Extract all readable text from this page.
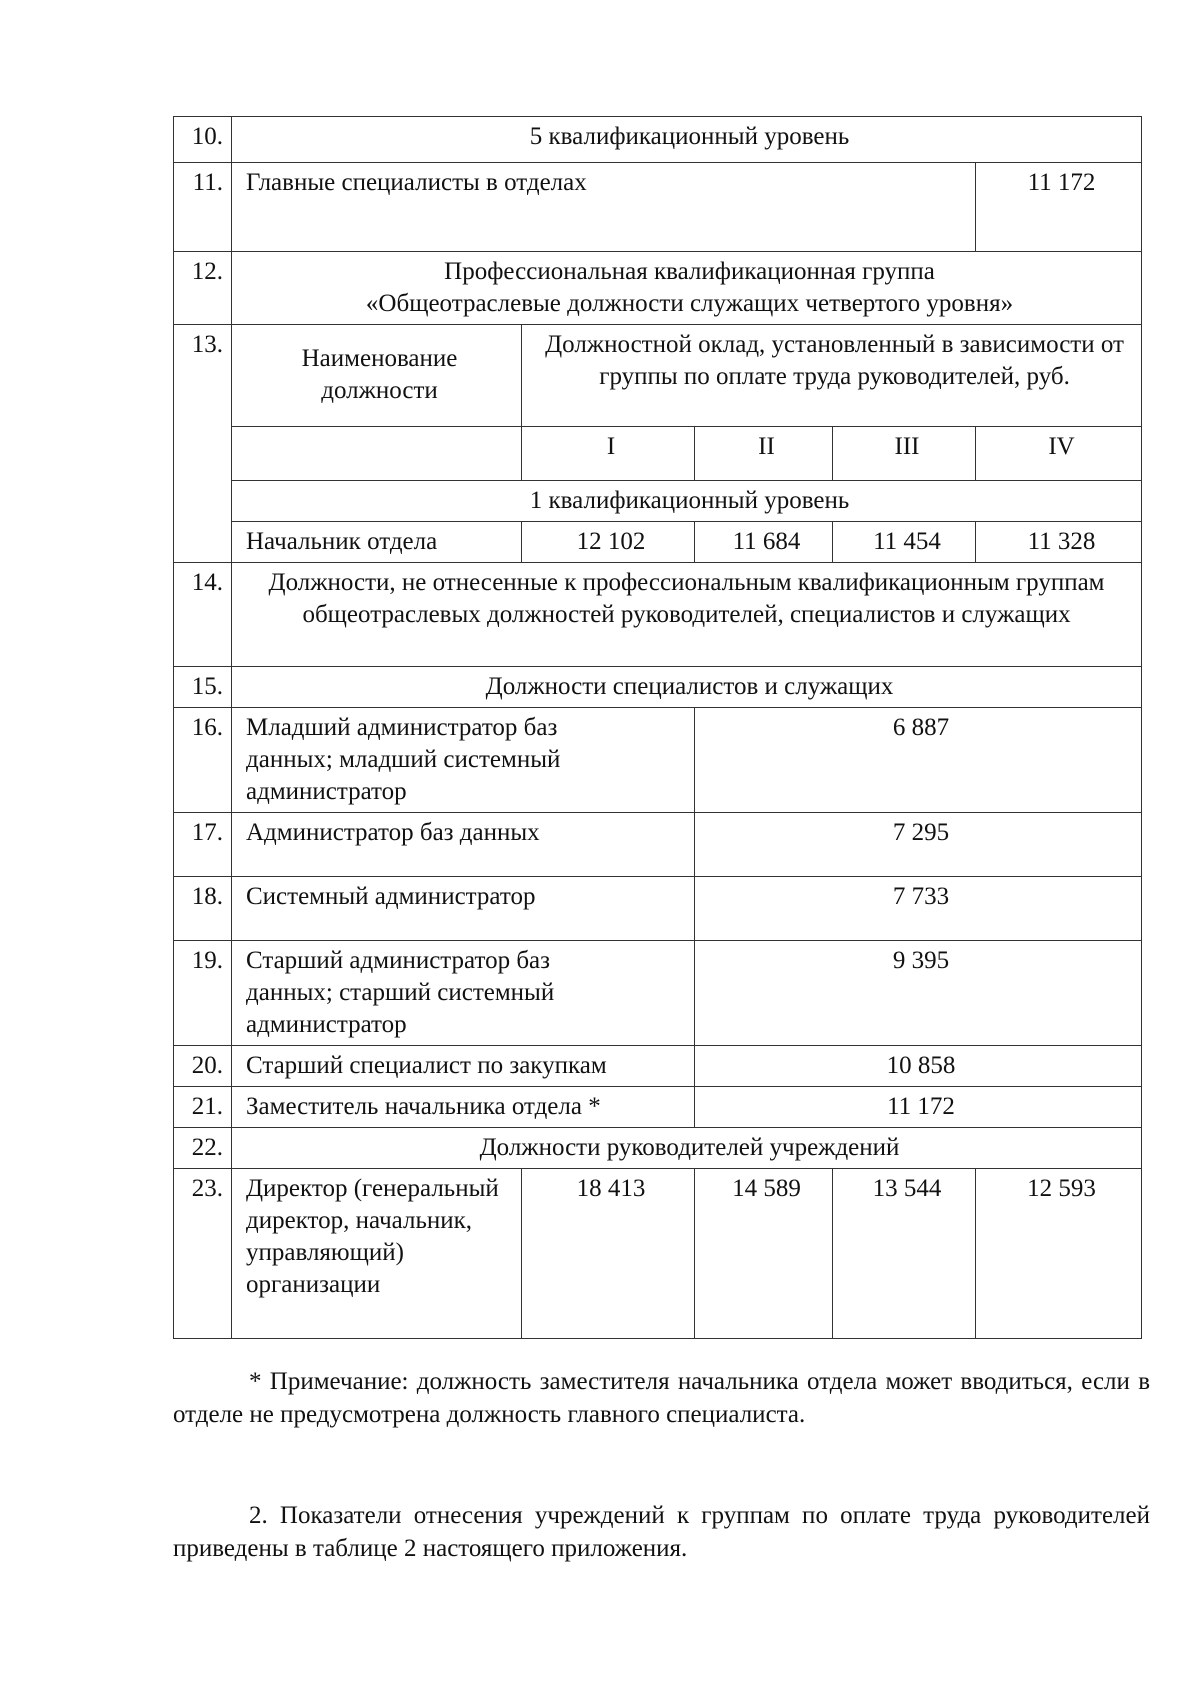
10.	5 квалификационный уровень				
11.	Главные специалисты в отделах				11 172
12.	Профессиональная квалификационная группа
«Общеотраслевые должности служащих четвертого уровня»				
13.	Наименование должности	Должностной оклад, установленный в зависимости от группы по оплате труда руководителей, руб.			
		I	II	III	IV
	1 квалификационный уровень				
	Начальник отдела	12 102	11 684	11 454	11 328
14.	Должности, не отнесенные к профессиональным квалификационным группам общеотраслевых должностей руководителей, специалистов и служащих				
15.	Должности специалистов и служащих				
16.	Младший администратор баз данных; младший системный администратор		6 887		
17.	Администратор баз данных		7 295		
18.	Системный администратор		7 733		
19.	Старший администратор баз данных; старший системный администратор		9 395		
20.	Старший специалист по закупкам		10 858		
21.	Заместитель начальника отдела *		11 172		
22.	Должности руководителей учреждений				
23.	Директор (генеральный директор, начальник, управляющий) организации	18 413	14 589	13 544	12 593

* Примечание: должность заместителя начальника отдела может вводиться, если в отделе не предусмотрена должность главного специалиста.

2. Показатели отнесения учреждений к группам по оплате труда руководителей приведены в таблице 2 настоящего приложения.
